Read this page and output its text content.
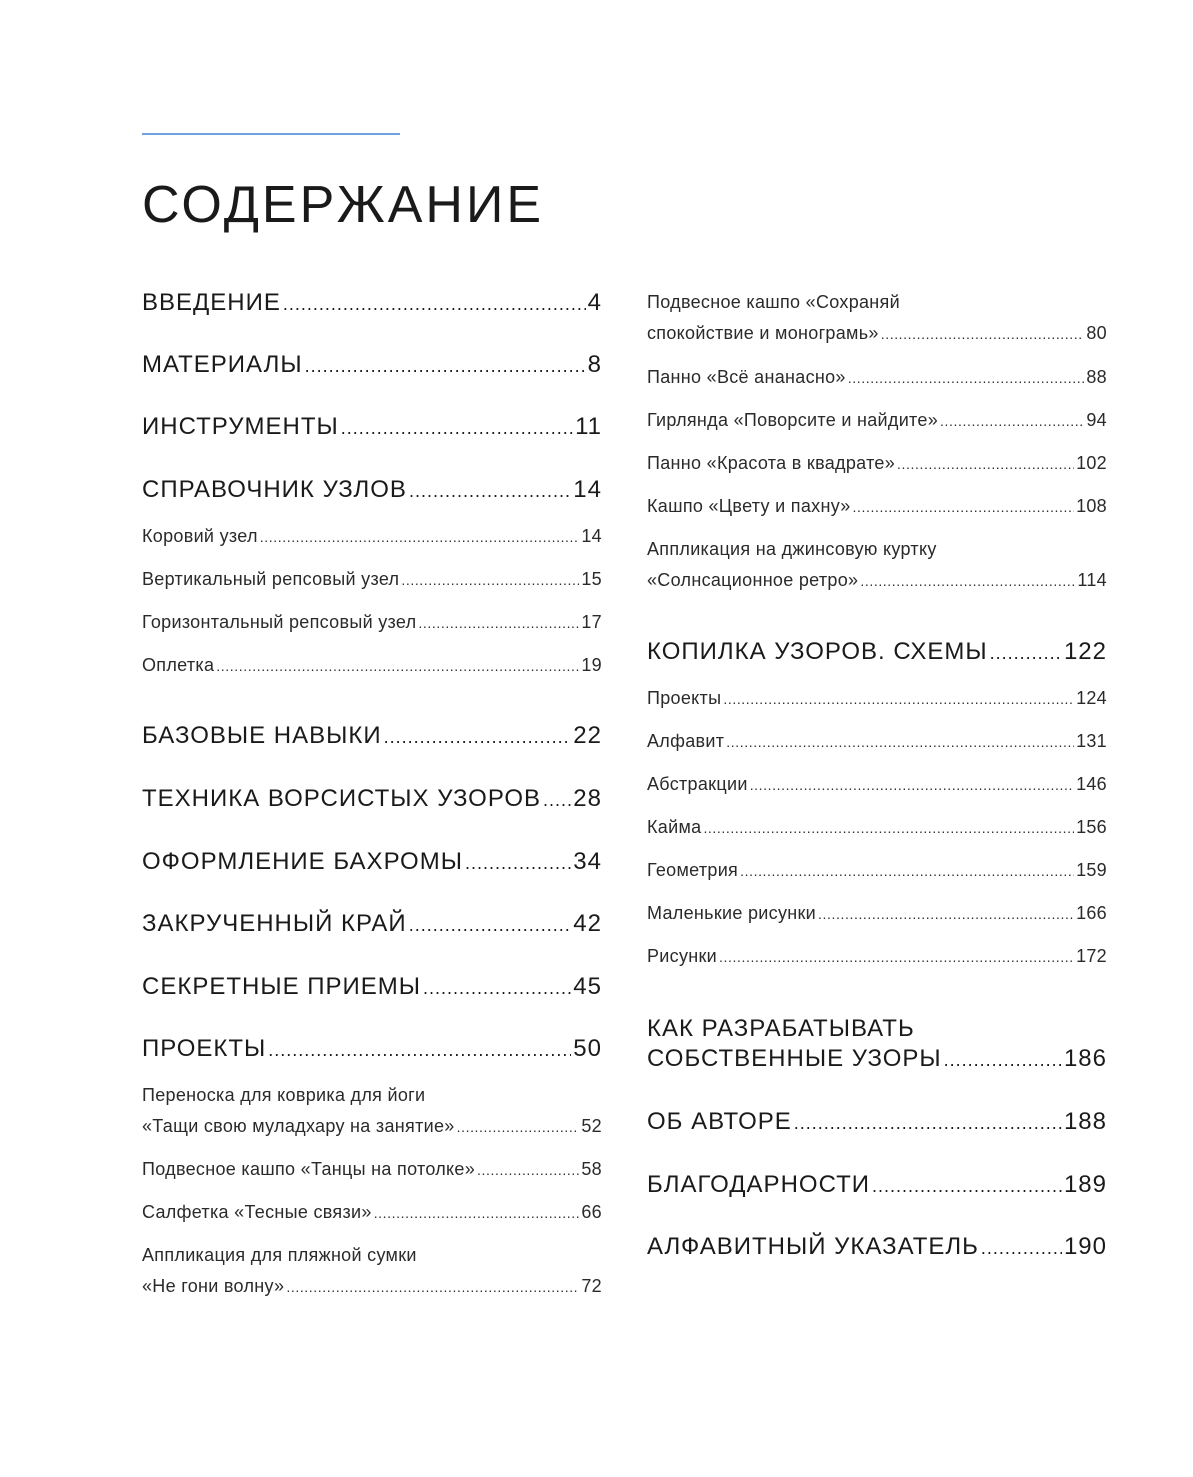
СОДЕРЖАНИЕ
ВВЕДЕНИЕ .....	4
МАТЕРИАЛЫ .....	8
ИНСТРУМЕНТЫ .....	11
СПРАВОЧНИК УЗЛОВ .....	14
Коровий узел .....	14
Вертикальный репсовый узел .....	15
Горизонтальный репсовый узел .....	17
Оплетка .....	19
БАЗОВЫЕ НАВЫКИ .....	22
ТЕХНИКА ВОРСИСТЫХ УЗОРОВ ..... 28
ОФОРМЛЕНИЕ БАХРОМЫ .....	34
ЗАКРУЧЕННЫЙ КРАЙ .....	42
СЕКРЕТНЫЕ ПРИЕМЫ .....	45
ПРОЕКТЫ .....	50
Переноска для коврика для йоги
«Тащи свою муладхару на занятие» .....	52
Подвесное кашпо «Танцы на потолке» .....	58
Салфетка «Тесные связи» .....	66
Аппликация для пляжной сумки
«Не гони волну» .....	72
Подвесное кашпо «Сохраняй
спокойствие и монограмь» .....	80
Панно «Всё ананасно» .....	88
Гирлянда «Поворсите и найдите» .....	94
Панно «Красота в квадрате» .....	102
Кашпо «Цвету и пахну» .....	108
Аппликация на джинсовую куртку
«Солнсационное ретро» .....	114
КОПИЛКА УЗОРОВ. СХЕМЫ .....	122
Проекты .....	124
Алфавит .....	131
Абстракции .....	146
Кайма .....	156
Геометрия .....	159
Маленькие рисунки .....	166
Рисунки .....	172
КАК РАЗРАБАТЫВАТЬ
СОБСТВЕННЫЕ УЗОРЫ .....	186
ОБ АВТОРЕ .....	188
БЛАГОДАРНОСТИ .....	189
АЛФАВИТНЫЙ УКАЗАТЕЛЬ .....	190
